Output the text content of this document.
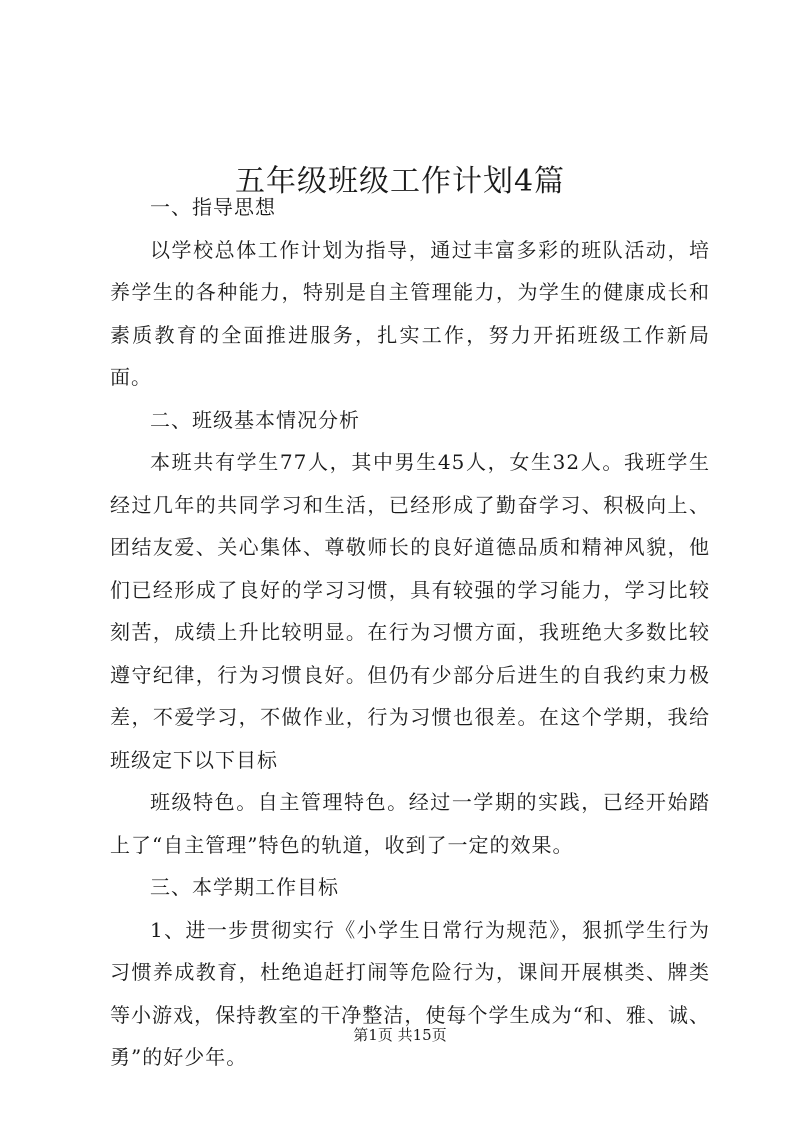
五年级班级工作计划4篇

一、指导思想

以学校总体工作计划为指导，通过丰富多彩的班队活动，培养学生的各种能力，特别是自主管理能力，为学生的健康成长和素质教育的全面推进服务，扎实工作，努力开拓班级工作新局面。

二、班级基本情况分析

本班共有学生77人，其中男生45人，女生32人。我班学生经过几年的共同学习和生活，已经形成了勤奋学习、积极向上、团结友爱、关心集体、尊敬师长的良好道德品质和精神风貌，他们已经形成了良好的学习习惯，具有较强的学习能力，学习比较刻苦，成绩上升比较明显。在行为习惯方面，我班绝大多数比较遵守纪律，行为习惯良好。但仍有少部分后进生的自我约束力极差，不爱学习，不做作业，行为习惯也很差。在这个学期，我给班级定下以下目标

班级特色。自主管理特色。经过一学期的实践，已经开始踏上了“自主管理”特色的轨道，收到了一定的效果。

三、本学期工作目标

1、进一步贯彻实行《小学生日常行为规范》，狠抓学生行为习惯养成教育，杜绝追赶打闹等危险行为，课间开展棋类、牌类等小游戏，保持教室的干净整洁，使每个学生成为“和、雅、诚、勇”的好少年。

第1页 共15页
